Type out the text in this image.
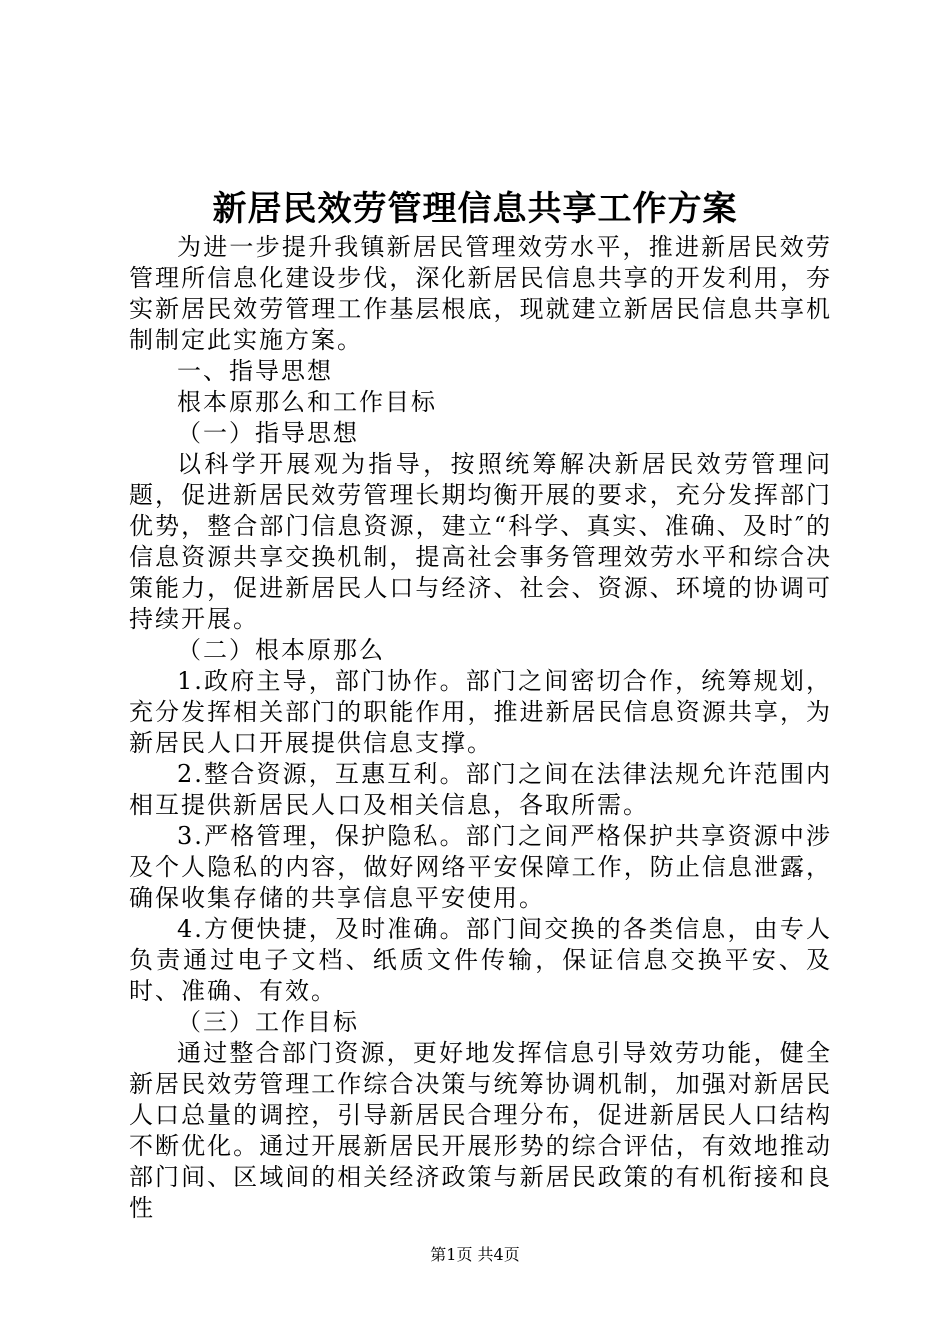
新居民效劳管理信息共享工作方案

为进一步提升我镇新居民管理效劳水平，推进新居民效劳管理所信息化建设步伐，深化新居民信息共享的开发利用，夯实新居民效劳管理工作基层根底，现就建立新居民信息共享机制制定此实施方案。

一、指导思想

根本原那么和工作目标

（一）指导思想

以科学开展观为指导，按照统筹解决新居民效劳管理问题，促进新居民效劳管理长期均衡开展的要求，充分发挥部门优势，整合部门信息资源，建立“科学、真实、准确、及时″的信息资源共享交换机制，提高社会事务管理效劳水平和综合决策能力，促进新居民人口与经济、社会、资源、环境的协调可持续开展。

（二）根本原那么

1.政府主导，部门协作。部门之间密切合作，统筹规划，充分发挥相关部门的职能作用，推进新居民信息资源共享，为新居民人口开展提供信息支撑。

2.整合资源，互惠互利。部门之间在法律法规允许范围内相互提供新居民人口及相关信息，各取所需。

3.严格管理，保护隐私。部门之间严格保护共享资源中涉及个人隐私的内容，做好网络平安保障工作，防止信息泄露，确保收集存储的共享信息平安使用。

4.方便快捷，及时准确。部门间交换的各类信息，由专人负责通过电子文档、纸质文件传输，保证信息交换平安、及时、准确、有效。

（三）工作目标

通过整合部门资源，更好地发挥信息引导效劳功能，健全新居民效劳管理工作综合决策与统筹协调机制，加强对新居民人口总量的调控，引导新居民合理分布，促进新居民人口结构不断优化。通过开展新居民开展形势的综合评估，有效地推动部门间、区域间的相关经济政策与新居民政策的有机衔接和良性

第1页 共4页
